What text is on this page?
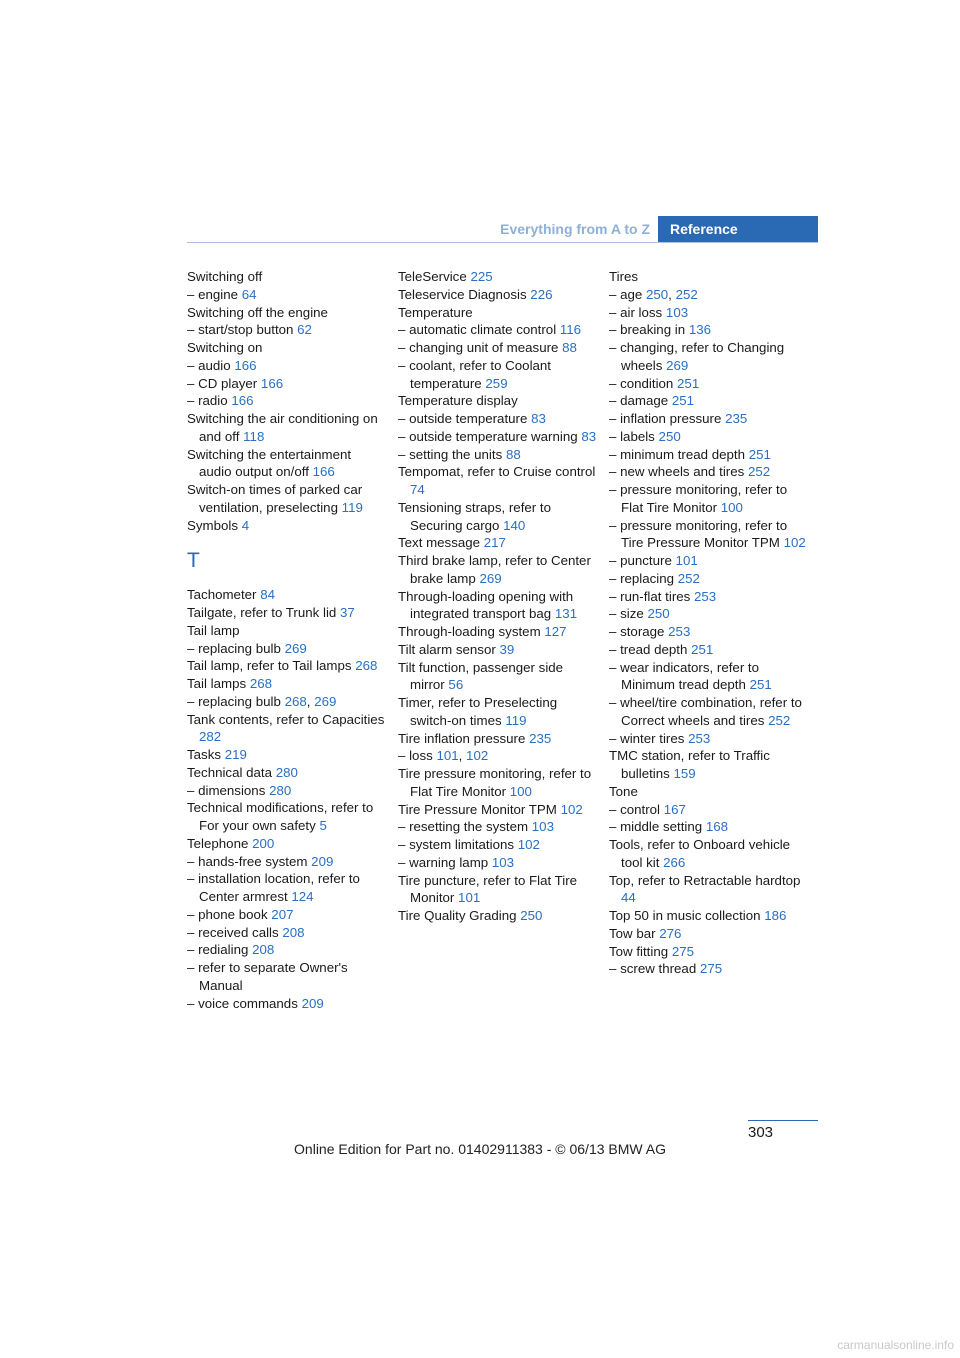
Everything from A to Z	Reference
Switching off
– engine 64
Switching off the engine
– start/stop button 62
Switching on
– audio 166
– CD player 166
– radio 166
Switching the air conditioning on and off 118
Switching the entertainment audio output on/off 166
Switch-on times of parked car ventilation, preselecting 119
Symbols 4
T
Tachometer 84
Tailgate, refer to Trunk lid 37
Tail lamp
– replacing bulb 269
Tail lamp, refer to Tail lamps 268
Tail lamps 268
– replacing bulb 268, 269
Tank contents, refer to Capacities 282
Tasks 219
Technical data 280
– dimensions 280
Technical modifications, refer to For your own safety 5
Telephone 200
– hands-free system 209
– installation location, refer to Center armrest 124
– phone book 207
– received calls 208
– redialing 208
– refer to separate Owner's Manual
– voice commands 209
TeleService 225
Teleservice Diagnosis 226
Temperature
– automatic climate control 116
– changing unit of measure 88
– coolant, refer to Coolant temperature 259
Temperature display
– outside temperature 83
– outside temperature warning 83
– setting the units 88
Tempomat, refer to Cruise control 74
Tensioning straps, refer to Securing cargo 140
Text message 217
Third brake lamp, refer to Center brake lamp 269
Through-loading opening with integrated transport bag 131
Through-loading system 127
Tilt alarm sensor 39
Tilt function, passenger side mirror 56
Timer, refer to Preselecting switch-on times 119
Tire inflation pressure 235
– loss 101, 102
Tire pressure monitoring, refer to Flat Tire Monitor 100
Tire Pressure Monitor TPM 102
– resetting the system 103
– system limitations 102
– warning lamp 103
Tire puncture, refer to Flat Tire Monitor 101
Tire Quality Grading 250
Tires
– age 250, 252
– air loss 103
– breaking in 136
– changing, refer to Changing wheels 269
– condition 251
– damage 251
– inflation pressure 235
– labels 250
– minimum tread depth 251
– new wheels and tires 252
– pressure monitoring, refer to Flat Tire Monitor 100
– pressure monitoring, refer to Tire Pressure Monitor TPM 102
– puncture 101
– replacing 252
– run-flat tires 253
– size 250
– storage 253
– tread depth 251
– wear indicators, refer to Minimum tread depth 251
– wheel/tire combination, refer to Correct wheels and tires 252
– winter tires 253
TMC station, refer to Traffic bulletins 159
Tone
– control 167
– middle setting 168
Tools, refer to Onboard vehicle tool kit 266
Top, refer to Retractable hardtop 44
Top 50 in music collection 186
Tow bar 276
Tow fitting 275
– screw thread 275
303
Online Edition for Part no. 01402911383 - © 06/13 BMW AG
carmanualsonline.info
